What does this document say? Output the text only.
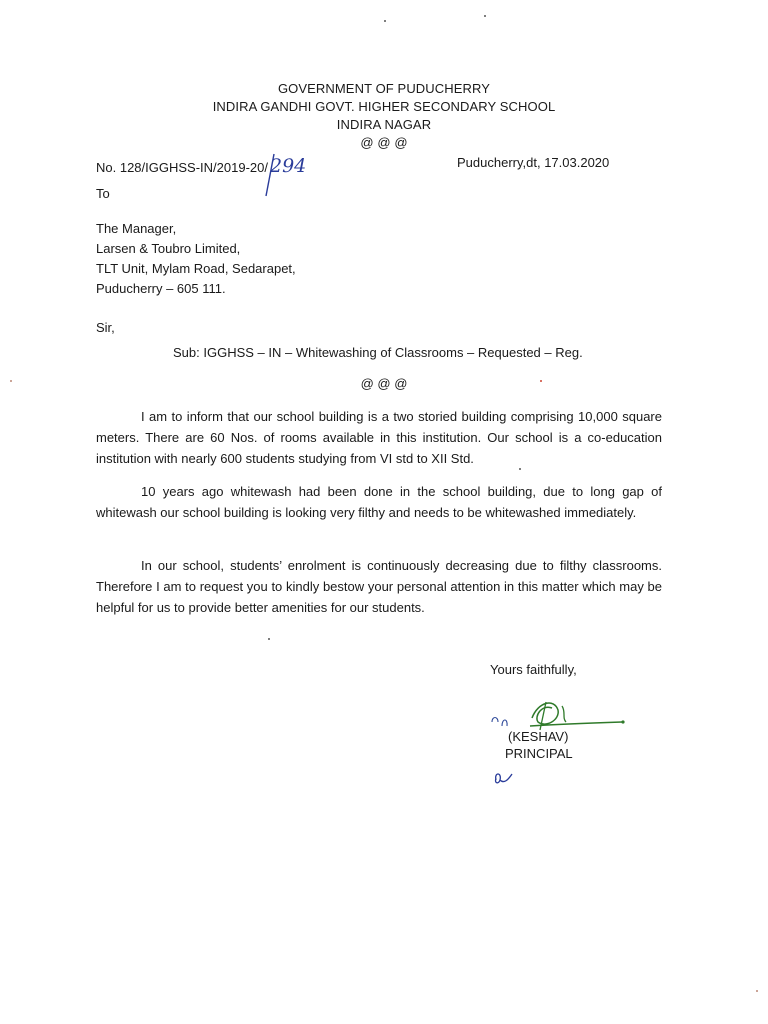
GOVERNMENT OF PUDUCHERRY
INDIRA GANDHI GOVT. HIGHER SECONDARY SCHOOL
INDIRA NAGAR
@ @ @
No. 128/IGGHSS-IN/2019-20/ 294	Puducherry,dt, 17.03.2020
To
The Manager,
Larsen & Toubro Limited,
TLT Unit, Mylam Road, Sedarapet,
Puducherry – 605 111.
Sir,
Sub: IGGHSS – IN – Whitewashing of Classrooms – Requested – Reg.
@ @ @
I am to inform that our school building is a two storied building comprising 10,000 square meters. There are 60 Nos. of rooms available in this institution. Our school is a co-education institution with nearly 600 students studying from VI std to XII Std.
10 years ago whitewash had been done in the school building, due to long gap of whitewash our school building is looking very filthy and needs to be whitewashed immediately.
In our school, students’ enrolment is continuously decreasing due to filthy classrooms. Therefore I am to request you to kindly bestow your personal attention in this matter which may be helpful for us to provide better amenities for our students.
Yours faithfully,
(KESHAV)
PRINCIPAL
